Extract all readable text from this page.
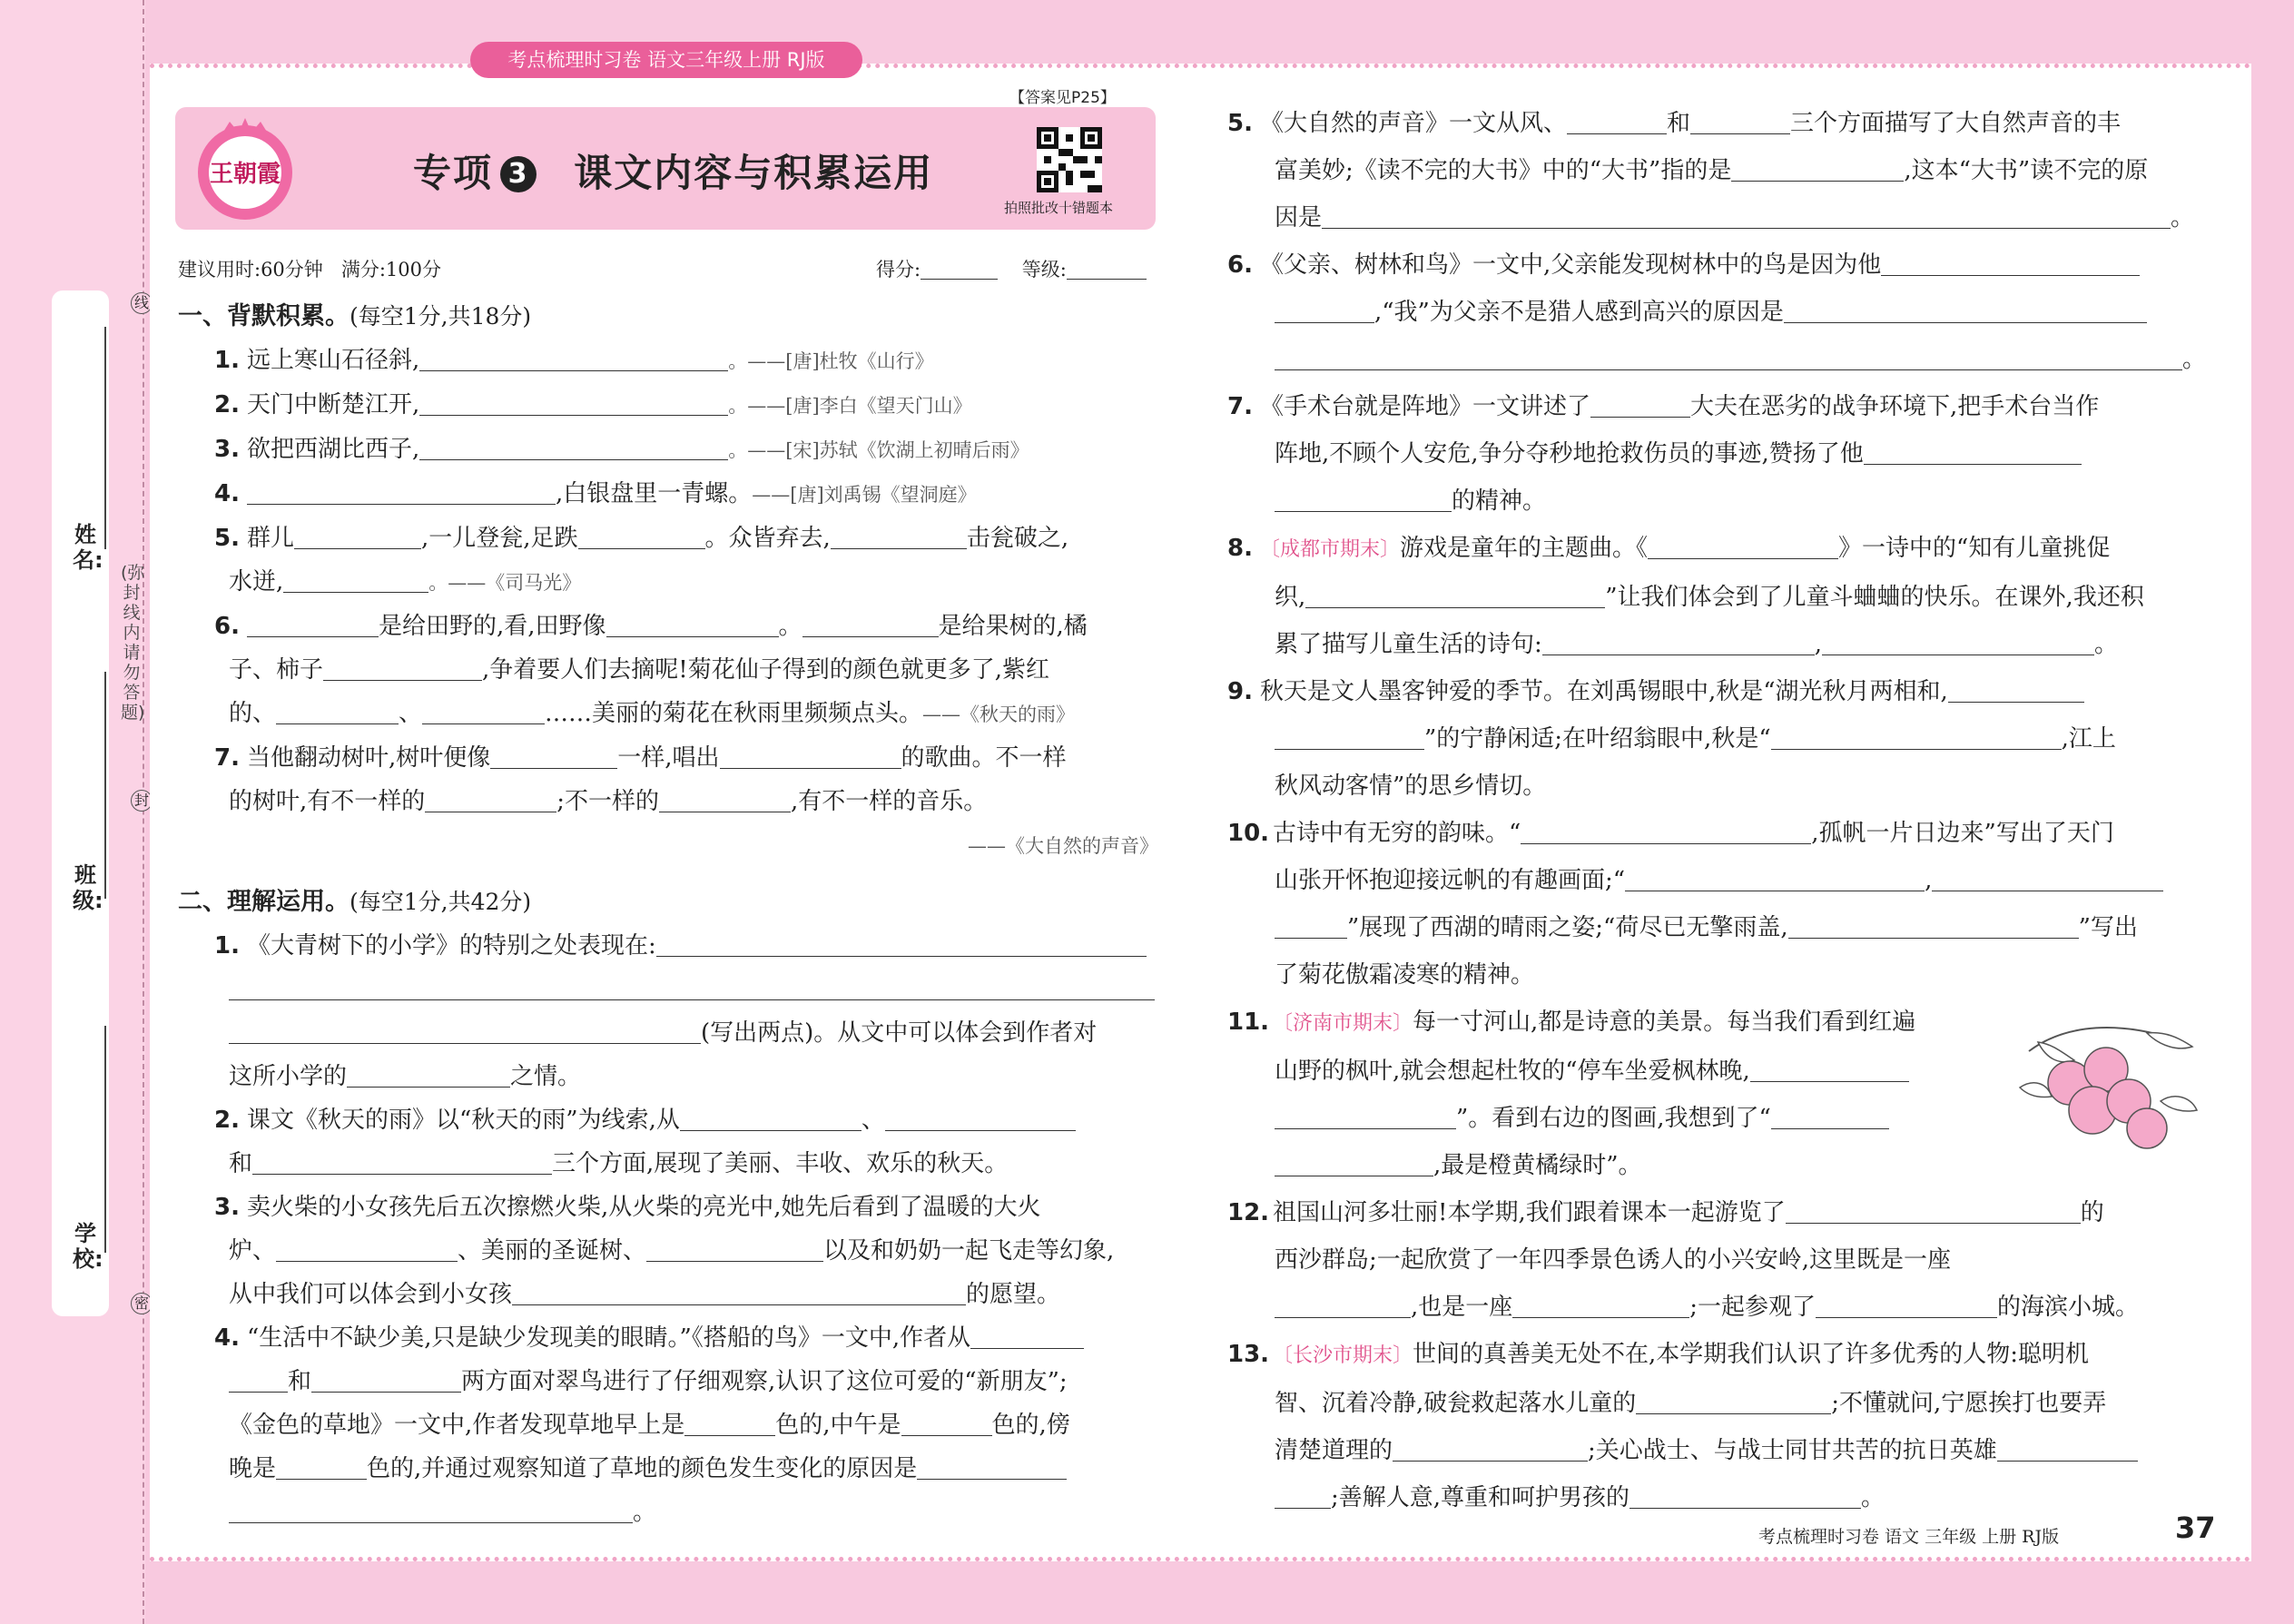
姓名:
班级:
学校:
(弥封线内请勿答题)
线
封
密
考点梳理时习卷 语文三年级上册 RJ版
王朝霞	专项 3 课文内容与积累运用
【答案见P25】
拍照批改十错题本
建议用时:60分钟 满分:100分	得分:	等级:

一、背默积累。(每空1分,共18分)

1. 远上寒山石径斜,	。——[唐]杜牧《山行》

2. 天门中断楚江开,	。——[唐]李白《望天门山》

3. 欲把西湖比西子,	。——[宋]苏轼《饮湖上初晴后雨》

4.	,白银盘里一青螺。——[唐]刘禹锡《望洞庭》

5. 群儿	,一儿登瓮,足跌	。众皆弃去,	击瓮破之,

水迸,	。——《司马光》

6.	是给田野的,看,田野像	。	是给果树的,橘

子、柿子	,争着要人们去摘呢!菊花仙子得到的颜色就更多了,紫红

的、	、	……美丽的菊花在秋雨里频频点头。——《秋天的雨》

7. 当他翻动树叶,树叶便像	一样,唱出	的歌曲。不一样

的树叶,有不一样的	;不一样的	,有不一样的音乐。

——《大自然的声音》

二、理解运用。(每空1分,共42分)

1. 《大青树下的小学》的特别之处表现在:

(写出两点)。从文中可以体会到作者对

这所小学的	之情。

2. 课文《秋天的雨》以“秋天的雨”为线索,从	、

和	三个方面,展现了美丽、丰收、欢乐的秋天。

3. 卖火柴的小女孩先后五次擦燃火柴,从火柴的亮光中,她先后看到了温暖的大火

炉、	、美丽的圣诞树、	以及和奶奶一起飞走等幻象,

从中我们可以体会到小女孩	的愿望。

4. “生活中不缺少美,只是缺少发现美的眼睛。”《搭船的鸟》一文中,作者从

和	两方面对翠鸟进行了仔细观察,认识了这位可爱的“新朋友”;

《金色的草地》一文中,作者发现草地早上是	色的,中午是	色的,傍

晚是	色的,并通过观察知道了草地的颜色发生变化的原因是

。

5. 《大自然的声音》一文从风、	和	三个方面描写了大自然声音的丰

富美妙;《读不完的大书》中的“大书”指的是	,这本“大书”读不完的原

因是	。

6. 《父亲、树林和鸟》一文中,父亲能发现树林中的鸟是因为他

,“我”为父亲不是猎人感到高兴的原因是

。

7. 《手术台就是阵地》一文讲述了	大夫在恶劣的战争环境下,把手术台当作

阵地,不顾个人安危,争分夺秒地抢救伤员的事迹,赞扬了他

的精神。

8. 〔成都市期末〕游戏是童年的主题曲。《	》一诗中的“知有儿童挑促

织,	”让我们体会到了儿童斗蛐蛐的快乐。在课外,我还积

累了描写儿童生活的诗句:	,	。

9. 秋天是文人墨客钟爱的季节。在刘禹锡眼中,秋是“湖光秋月两相和,

”的宁静闲适;在叶绍翁眼中,秋是“	,江上

秋风动客情”的思乡情切。

10. 古诗中有无穷的韵味。“	,孤帆一片日边来”写出了天门

山张开怀抱迎接远帆的有趣画面;“	,

”展现了西湖的晴雨之姿;“荷尽已无擎雨盖,	”写出

了菊花傲霜凌寒的精神。

11. 〔济南市期末〕每一寸河山,都是诗意的美景。每当我们看到红遍

山野的枫叶,就会想起杜牧的“停车坐爱枫林晚,

”。看到右边的图画,我想到了“

,最是橙黄橘绿时”。

12. 祖国山河多壮丽!本学期,我们跟着课本一起游览了	的

西沙群岛;一起欣赏了一年四季景色诱人的小兴安岭,这里既是一座

,也是一座	;一起参观了	的海滨小城。

13. 〔长沙市期末〕世间的真善美无处不在,本学期我们认识了许多优秀的人物:聪明机

智、沉着冷静,破瓮救起落水儿童的	;不懂就问,宁愿挨打也要弄

清楚道理的	;关心战士、与战士同甘共苦的抗日英雄

;善解人意,尊重和呵护男孩的	。

考点梳理时习卷 语文 三年级 上册 RJ版	37
